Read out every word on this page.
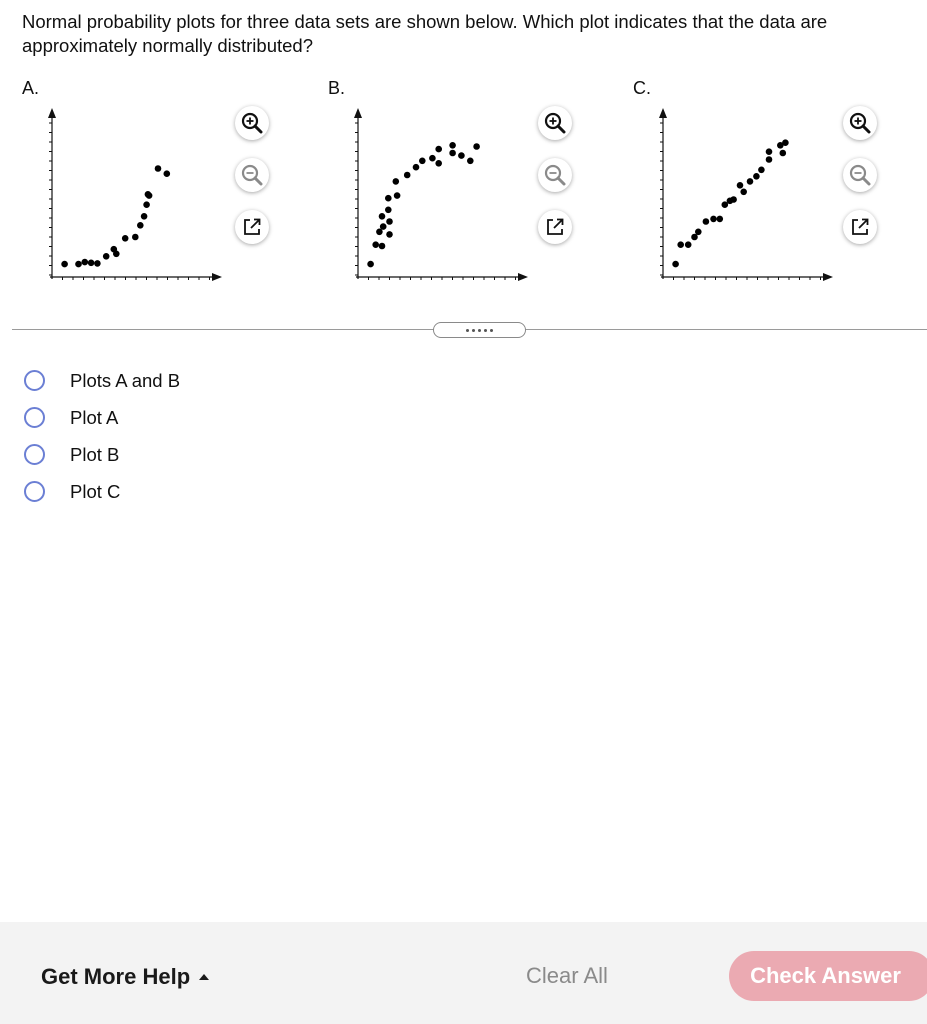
Normal probability plots for three data sets are shown below. Which plot indicates that the data are approximately normally distributed?
A.	B.	C.
Plots A and B
Plot A
Plot B
Plot C
Get More Help	Clear All	Check Answer
